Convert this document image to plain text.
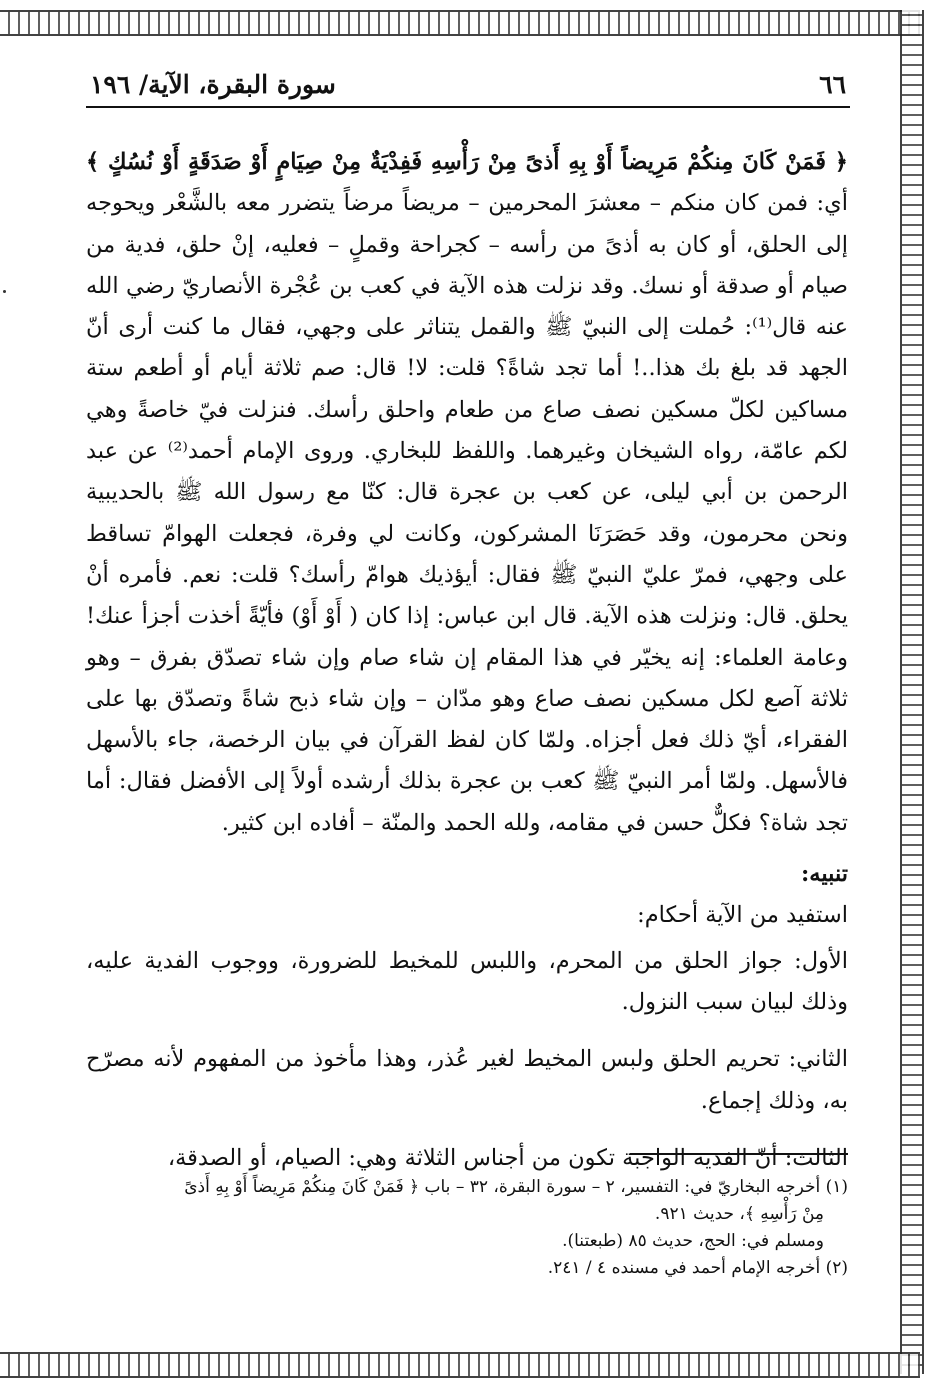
٦٦
سورة البقرة، الآية/ ١٩٦

﴿ فَمَنْ كَانَ مِنكُمْ مَرِيضاً أَوْ بِهِ أَذىً مِنْ رَأْسِهِ فَفِدْيَةٌ مِنْ صِيَامٍ أَوْ صَدَقَةٍ أَوْ نُسُكٍ ﴾ أي: فمن كان منكم – معشرَ المحرمين – مريضاً مرضاً يتضرر معه بالشَّعْر ويحوجه إلى الحلق، أو كان به أذىً من رأسه – كجراحة وقملٍ – فعليه، إنْ حلق، فدية من صيام أو صدقة أو نسك. وقد نزلت هذه الآية في كعب بن عُجْرة الأنصاريّ رضي الله عنه قال⁽¹⁾: حُملت إلى النبيّ ﷺ والقمل يتناثر على وجهي، فقال ما كنت أرى أنّ الجهد قد بلغ بك هذا..! أما تجد شاةً؟ قلت: لا! قال: صم ثلاثة أيام أو أطعم ستة مساكين لكلّ مسكين نصف صاع من طعام واحلق رأسك. فنزلت فيّ خاصةً وهي لكم عامّة، رواه الشيخان وغيرهما. واللفظ للبخاري. وروى الإمام أحمد⁽²⁾ عن عبد الرحمن بن أبي ليلى، عن كعب بن عجرة قال: كنّا مع رسول الله ﷺ بالحديبية ونحن محرمون، وقد حَصَرَنَا المشركون، وكانت لي وفرة، فجعلت الهوامّ تساقط على وجهي، فمرّ عليّ النبيّ ﷺ فقال: أيؤذيك هوامّ رأسك؟ قلت: نعم. فأمره أنْ يحلق. قال: ونزلت هذه الآية. قال ابن عباس: إذا كان ( أَوْ أَوْ) فأيّةً أخذت أجزأ عنك! وعامة العلماء: إنه يخيّر في هذا المقام إن شاء صام وإن شاء تصدّق بفرق – وهو ثلاثة آصع لكل مسكين نصف صاع وهو مدّان – وإن شاء ذبح شاةً وتصدّق بها على الفقراء، أيّ ذلك فعل أجزاه. ولمّا كان لفظ القرآن في بيان الرخصة، جاء بالأسهل فالأسهل. ولمّا أمر النبيّ ﷺ كعب بن عجرة بذلك أرشده أولاً إلى الأفضل فقال: أما تجد شاة؟ فكلٌّ حسن في مقامه، ولله الحمد والمنّة – أفاده ابن كثير.

تنبيه:

استفيد من الآية أحكام:

الأول: جواز الحلق من المحرم، واللبس للمخيط للضرورة، ووجوب الفدية عليه، وذلك لبيان سبب النزول.

الثاني: تحريم الحلق ولبس المخيط لغير عُذر، وهذا مأخوذ من المفهوم لأنه مصرّح به، وذلك إجماع.

الثالث: أنّ الفدية الواجبة تكون من أجناس الثلاثة وهي: الصيام، أو الصدقة،

(١) أخرجه البخاريّ في: التفسير، ٢ – سورة البقرة، ٣٢ – باب ﴿ فَمَنْ كَانَ مِنكُمْ مَرِيضاً أَوْ بِهِ أَذىً

مِنْ رَأْسِهِ ﴾، حديث ٩٢١.

ومسلم في: الحج، حديث ٨٥ (طبعتنا).

(٢) أخرجه الإمام أحمد في مسنده ٤ / ٢٤١.
